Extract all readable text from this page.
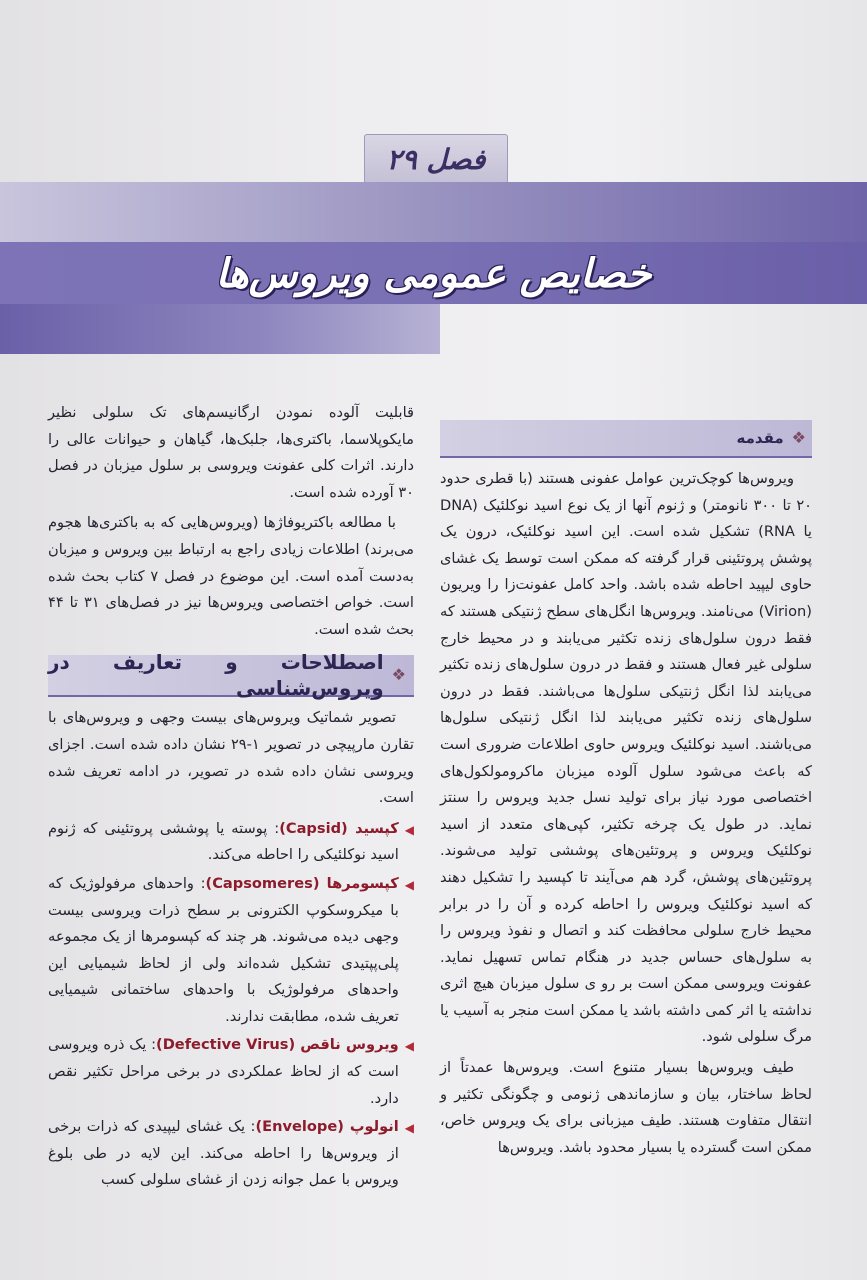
فصل ۲۹
خصایص عمومی ویروس‌ها
❖
مقدمه

ویروس‌ها کوچک‌ترین عوامل عفونی هستند (با قطری حدود ۲۰ تا ۳۰۰ نانومتر) و ژنوم آنها از یک نوع اسید نوکلئیک (DNA یا RNA) تشکیل شده است. این اسید نوکلئیک، درون یک پوشش پروتئینی قرار گرفته که ممکن است توسط یک غشای حاوی لیپید احاطه شده باشد. واحد کامل عفونت‌زا را ویریون (Virion) می‌نامند. ویروس‌ها انگل‌های سطح ژنتیکی هستند که فقط درون سلول‌های زنده تکثیر می‌یابند و در محیط خارج سلولی غیر فعال هستند و فقط در درون سلول‌های زنده تکثیر می‌یابند لذا انگل ژنتیکی سلول‌ها می‌باشند. فقط در درون سلول‌های زنده تکثیر می‌یابند لذا انگل ژنتیکی سلول‌ها می‌باشند. اسید نوکلئیک ویروس حاوی اطلاعات ضروری است که باعث می‌شود سلول آلوده میزبان ماکرومولکول‌های اختصاصی مورد نیاز برای تولید نسل جدید ویروس را سنتز نماید. در طول یک چرخه تکثیر، کپی‌های متعدد از اسید نوکلئیک ویروس و پروتئین‌های پوششی تولید می‌شوند. پروتئین‌های پوشش، گرد هم می‌آیند تا کپسید را تشکیل دهند که اسید نوکلئیک ویروس را احاطه کرده و آن را در برابر محیط خارج سلولی محافظت کند و اتصال و نفوذ ویروس را به سلول‌های حساس جدید در هنگام تماس تسهیل نماید. عفونت ویروسی ممکن است بر رو ی سلول میزبان هیچ اثری نداشته یا اثر کمی داشته باشد یا ممکن است منجر به آسیب یا مرگ سلولی شود.

طیف ویروس‌ها بسیار متنوع است. ویروس‌ها عمدتاً از لحاظ ساختار، بیان و سازماندهی ژنومی و چگونگی تکثیر و انتقال متفاوت هستند. طیف میزبانی برای یک ویروس خاص، ممکن است گسترده یا بسیار محدود باشد. ویروس‌ها

قابلیت آلوده نمودن ارگانیسم‌های تک سلولی نظیر مایکوپلاسما، باکتری‌ها، جلبک‌ها، گیاهان و حیوانات عالی را دارند. اثرات کلی عفونت ویروسی بر سلول میزبان در فصل ۳۰ آورده شده است.

با مطالعه باکتریوفاژها (ویروس‌هایی که به باکتری‌ها هجوم می‌برند) اطلاعات زیادی راجع به ارتباط بین ویروس و میزبان به‌دست آمده است. این موضوع در فصل ۷ کتاب بحث شده است. خواص اختصاصی ویروس‌ها نیز در فصل‌های ۳۱ تا ۴۴ بحث شده است.

❖
اصطلاحات و تعاریف در ویروس‌شناسی

تصویر شماتیک ویروس‌های بیست وجهی و ویروس‌های با تقارن مارپیچی در تصویر ۱-۲۹ نشان داده شده است. اجزای ویروسی نشان داده شده در تصویر، در ادامه تعریف شده است.

◀
کپسید (Capsid): پوسته یا پوششی پروتئینی که ژنوم اسید نوکلئیکی را احاطه می‌کند.
◀
کپسومرها (Capsomeres): واحدهای مرفولوژیک که با میکروسکوپ الکترونی بر سطح ذرات ویروسی بیست وجهی دیده می‌شوند. هر چند که کپسومرها از یک مجموعه پلی‌پپتیدی تشکیل شده‌اند ولی از لحاظ شیمیایی این واحدهای مرفولوژیک با واحدهای ساختمانی شیمیایی تعریف شده، مطابقت ندارند.
◀
ویروس ناقص (Defective Virus): یک ذره ویروسی است که از لحاظ عملکردی در برخی مراحل تکثیر نقص دارد.
◀
انولوپ (Envelope): یک غشای لیپیدی که ذرات برخی از ویروس‌ها را احاطه می‌کند. این لایه در طی بلوغ ویروس با عمل جوانه زدن از غشای سلولی کسب
